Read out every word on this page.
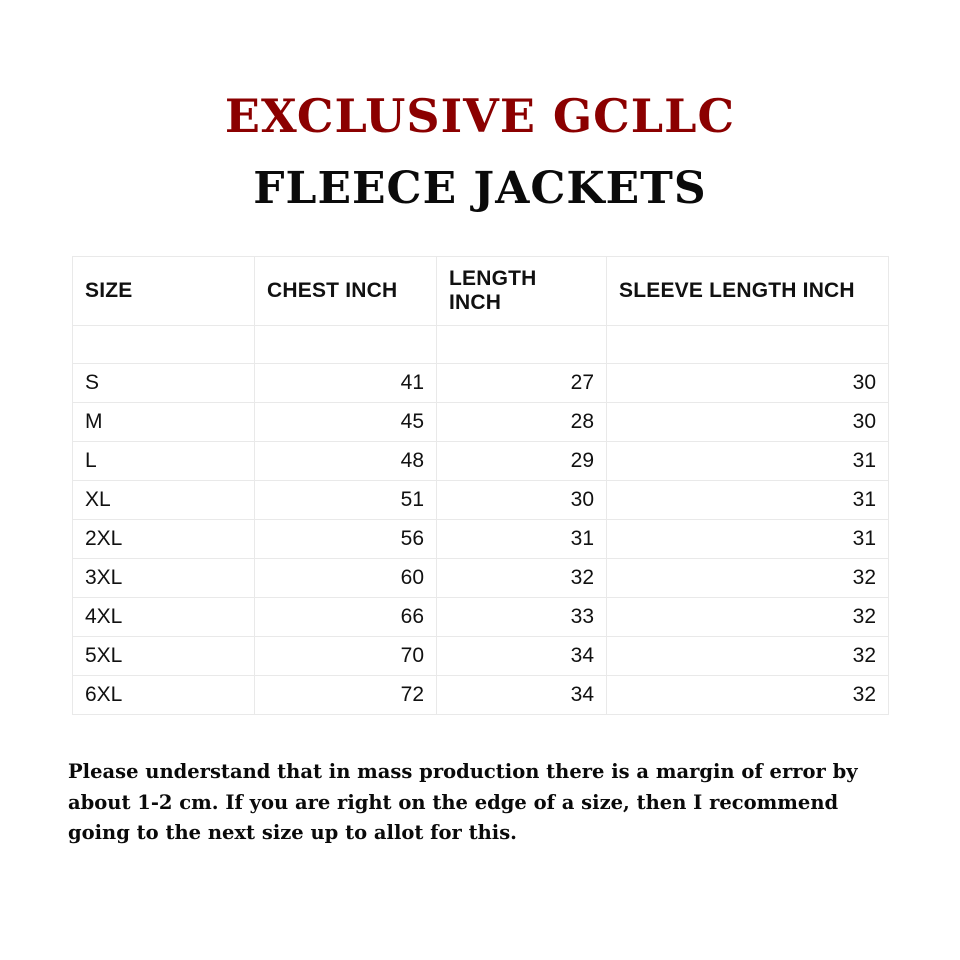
EXCLUSIVE GCLLC
FLEECE JACKETS
SIZE	CHEST INCH	LENGTH INCH	SLEEVE LENGTH INCH

S	41	27	30
M	45	28	30
L	48	29	31
XL	51	30	31
2XL	56	31	31
3XL	60	32	32
4XL	66	33	32
5XL	70	34	32
6XL	72	34	32

Please understand that in mass production there is a margin of error by about 1-2 cm. If you are right on the edge of a size, then I recommend going to the next size up to allot for this.
